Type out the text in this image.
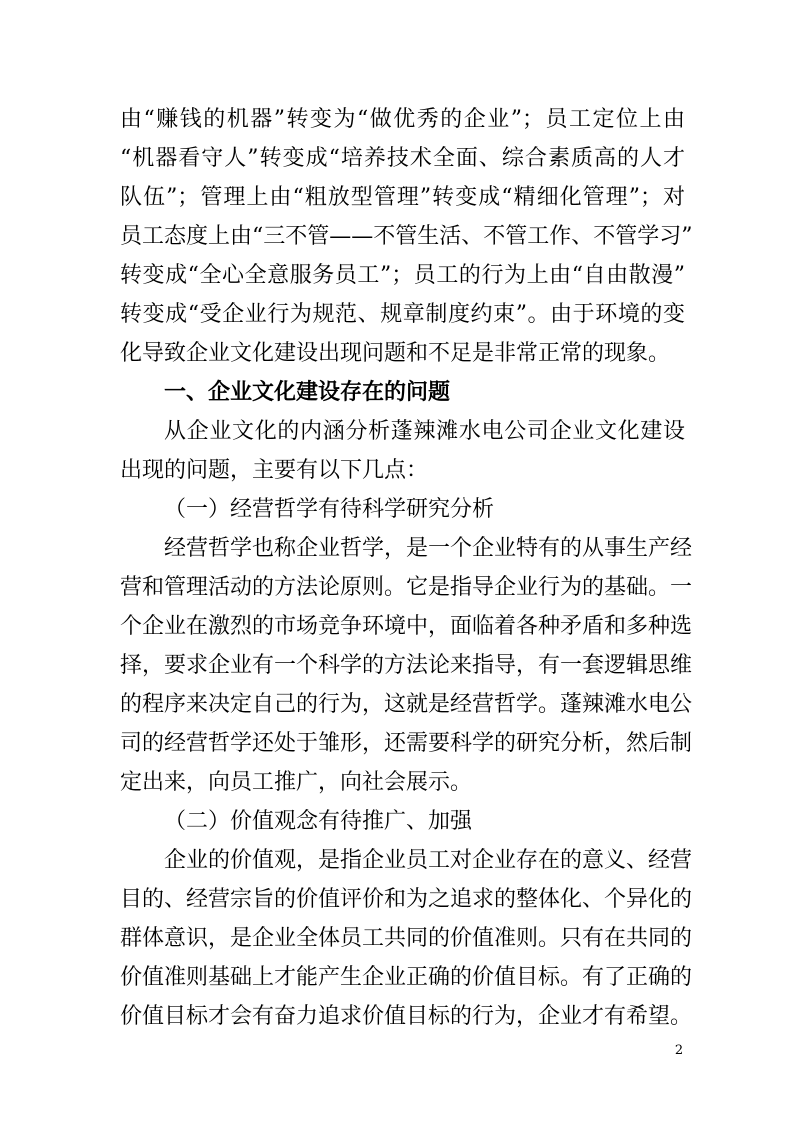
由“赚钱的机器”转变为“做优秀的企业”；员工定位上由
“机器看守人”转变成“培养技术全面、综合素质高的人才
队伍”；管理上由“粗放型管理”转变成“精细化管理”；对
员工态度上由“三不管——不管生活、不管工作、不管学习”
转变成“全心全意服务员工”；员工的行为上由“自由散漫”
转变成“受企业行为规范、规章制度约束”。由于环境的变
化导致企业文化建设出现问题和不足是非常正常的现象。
一、企业文化建设存在的问题
从企业文化的内涵分析蓬辣滩水电公司企业文化建设
出现的问题，主要有以下几点：
（一）经营哲学有待科学研究分析
经营哲学也称企业哲学，是一个企业特有的从事生产经
营和管理活动的方法论原则。它是指导企业行为的基础。一
个企业在激烈的市场竞争环境中，面临着各种矛盾和多种选
择，要求企业有一个科学的方法论来指导，有一套逻辑思维
的程序来决定自己的行为，这就是经营哲学。蓬辣滩水电公
司的经营哲学还处于雏形，还需要科学的研究分析，然后制
定出来，向员工推广，向社会展示。
（二）价值观念有待推广、加强
企业的价值观，是指企业员工对企业存在的意义、经营
目的、经营宗旨的价值评价和为之追求的整体化、个异化的
群体意识，是企业全体员工共同的价值准则。只有在共同的
价值准则基础上才能产生企业正确的价值目标。有了正确的
价值目标才会有奋力追求价值目标的行为，企业才有希望。
2
